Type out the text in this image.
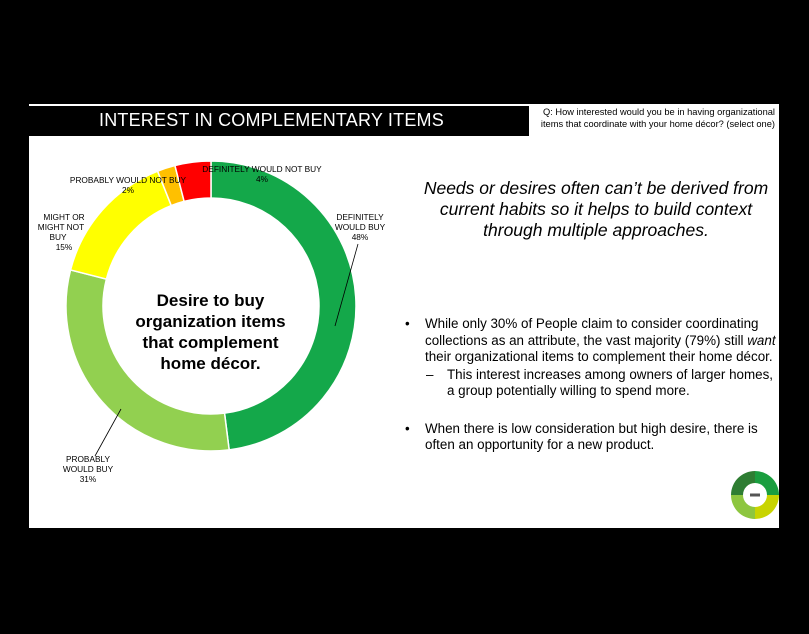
INTEREST IN COMPLEMENTARY ITEMS	Q: How interested would you be in having organizational items that coordinate with your home décor? (select one)
Desire to buy organization items that complement home décor.
DEFINITELY
WOULD BUY
48%
MIGHT OR
MIGHT NOT
BUY
15%
PROBABLY
WOULD BUY
31%
PROBABLY WOULD NOT BUY
2%
DEFINITELY WOULD NOT BUY
4%	Needs or desires often can’t be derived from current habits so it helps to build context through multiple approaches.
• While only 30% of People claim to consider coordinating collections as an attribute, the vast majority (79%) still want their organizational items to complement their home décor.
– This interest increases among owners of larger homes, a group potentially willing to spend more.
• When there is low consideration but high desire, there is often an opportunity for a new product.
